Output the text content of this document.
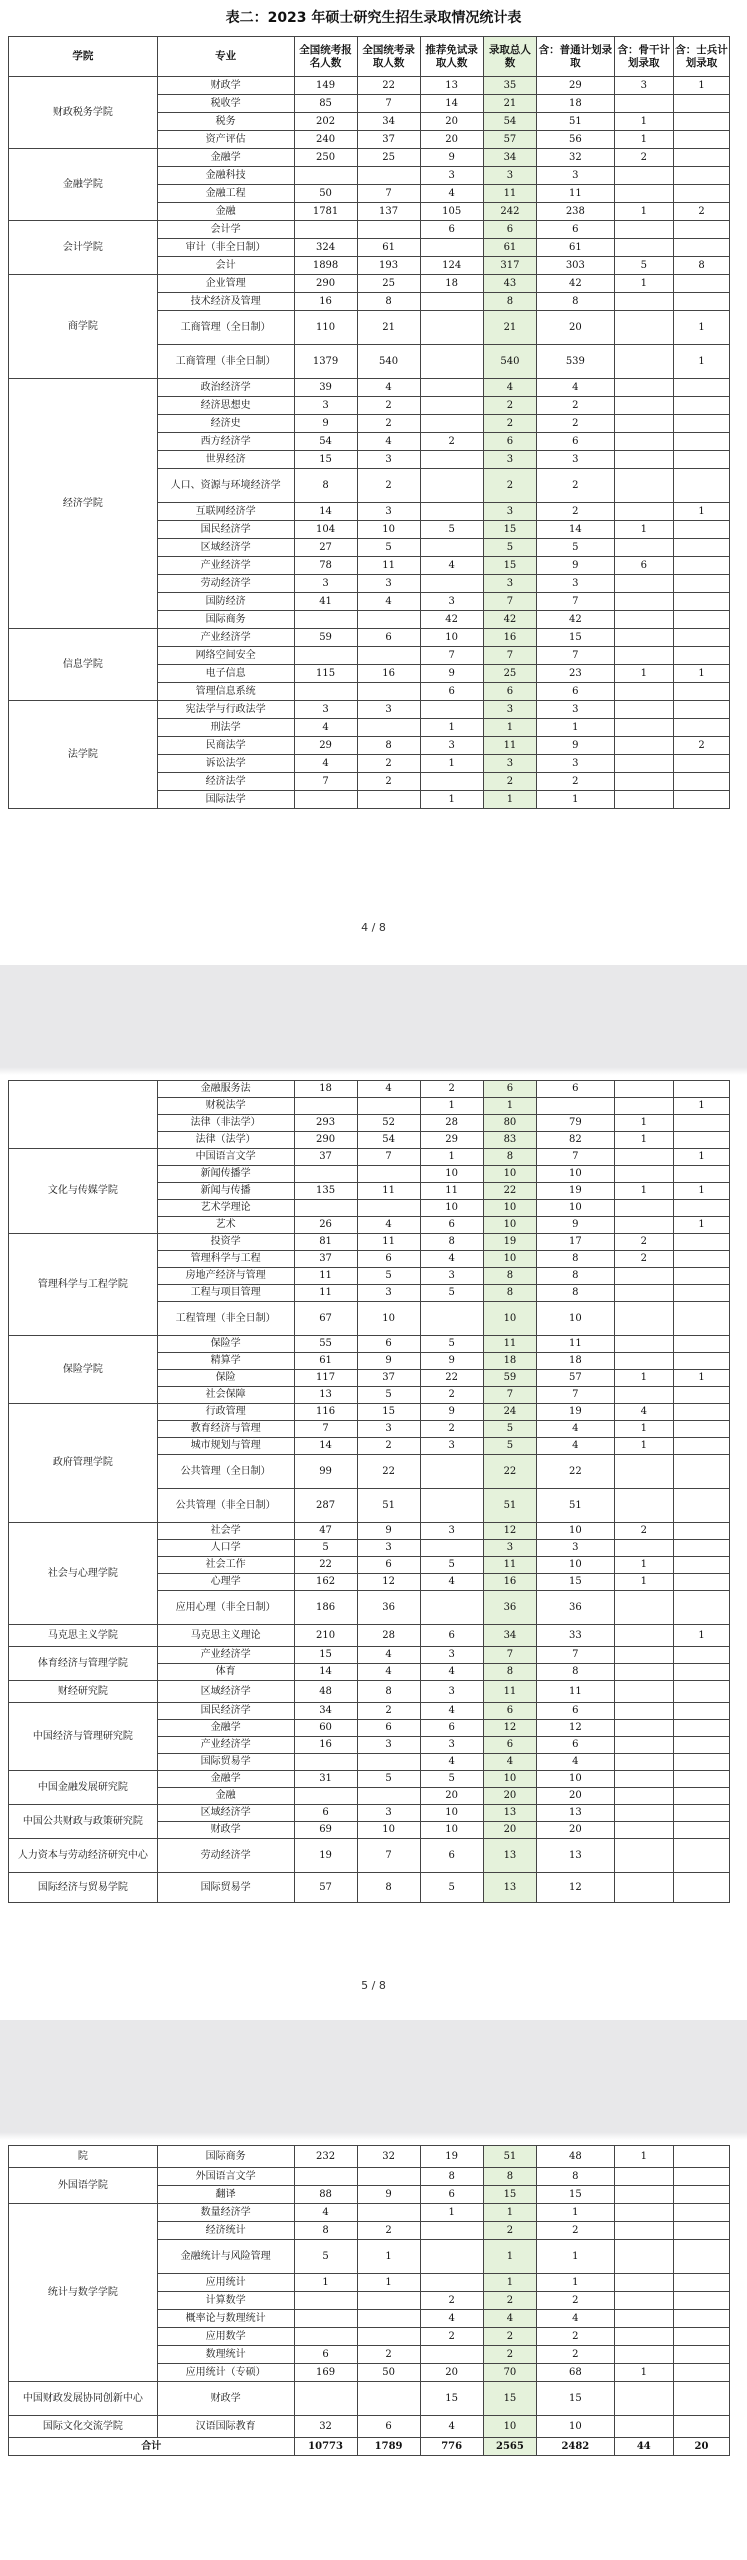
表二：2023 年硕士研究生招生录取情况统计表
学院	专业	全国统考报名人数	全国统考录取人数	推荐免试录取人数	录取总人数	含：普通计划录取	含：骨干计划录取	含：士兵计划录取
财政税务学院	财政学	149	22	13	35	29	3	1
	税收学	85	7	14	21	18		
	税务	202	34	20	54	51	1	
	资产评估	240	37	20	57	56	1	
金融学院	金融学	250	25	9	34	32	2	
	金融科技			3	3	3		
	金融工程	50	7	4	11	11		
	金融	1781	137	105	242	238	1	2
会计学院	会计学			6	6	6		
	审计（非全日制）	324	61		61	61		
	会计	1898	193	124	317	303	5	8
商学院	企业管理	290	25	18	43	42	1	
	技术经济及管理	16	8		8	8		
	工商管理（全日制）	110	21		21	20		1
	工商管理（非全日制）	1379	540		540	539		1
经济学院	政治经济学	39	4		4	4		
	经济思想史	3	2		2	2		
	经济史	9	2		2	2		
	西方经济学	54	4	2	6	6		
	世界经济	15	3		3	3		
	人口、资源与环境经济学	8	2		2	2		
	互联网经济学	14	3		3	2		1
	国民经济学	104	10	5	15	14	1	
	区域经济学	27	5		5	5		
	产业经济学	78	11	4	15	9	6	
	劳动经济学	3	3		3	3		
	国防经济	41	4	3	7	7		
	国际商务			42	42	42		
信息学院	产业经济学	59	6	10	16	15		
	网络空间安全			7	7	7		
	电子信息	115	16	9	25	23	1	1
	管理信息系统			6	6	6		
法学院	宪法学与行政法学	3	3		3	3		
	刑法学	4		1	1	1		
	民商法学	29	8	3	11	9		2
	诉讼法学	4	2	1	3	3		
	经济法学	7	2		2	2		
	国际法学			1	1	1		
4 / 8
	金融服务法	18	4	2	6	6		
	财税法学			1	1			1
	法律（非法学）	293	52	28	80	79	1	
	法律（法学）	290	54	29	83	82	1	
文化与传媒学院	中国语言文学	37	7	1	8	7		1
	新闻传播学			10	10	10		
	新闻与传播	135	11	11	22	19	1	1
	艺术学理论			10	10	10		
	艺术	26	4	6	10	9		1
管理科学与工程学院	投资学	81	11	8	19	17	2	
	管理科学与工程	37	6	4	10	8	2	
	房地产经济与管理	11	5	3	8	8		
	工程与项目管理	11	3	5	8	8		
	工程管理（非全日制）	67	10		10	10		
保险学院	保险学	55	6	5	11	11		
	精算学	61	9	9	18	18		
	保险	117	37	22	59	57	1	1
	社会保障	13	5	2	7	7		
政府管理学院	行政管理	116	15	9	24	19	4	
	教育经济与管理	7	3	2	5	4	1	
	城市规划与管理	14	2	3	5	4	1	
	公共管理（全日制）	99	22		22	22		
	公共管理（非全日制）	287	51		51	51		
社会与心理学院	社会学	47	9	3	12	10	2	
	人口学	5	3		3	3		
	社会工作	22	6	5	11	10	1	
	心理学	162	12	4	16	15	1	
	应用心理（非全日制）	186	36		36	36		
马克思主义学院	马克思主义理论	210	28	6	34	33		1
体育经济与管理学院	产业经济学	15	4	3	7	7		
	体育	14	4	4	8	8		
财经研究院	区域经济学	48	8	3	11	11		
中国经济与管理研究院	国民经济学	34	2	4	6	6		
	金融学	60	6	6	12	12		
	产业经济学	16	3	3	6	6		
	国际贸易学			4	4	4		
中国金融发展研究院	金融学	31	5	5	10	10		
	金融			20	20	20		
中国公共财政与政策研究院	区域经济学	6	3	10	13	13		
	财政学	69	10	10	20	20		
人力资本与劳动经济研究中心	劳动经济学	19	7	6	13	13		
国际经济与贸易学院	国际贸易学	57	8	5	13	12		
5 / 8
院	国际商务	232	32	19	51	48	1	
外国语学院	外国语言文学			8	8	8		
	翻译	88	9	6	15	15		
统计与数学学院	数量经济学	4		1	1	1		
	经济统计	8	2		2	2		
	金融统计与风险管理	5	1		1	1		
	应用统计	1	1		1	1		
	计算数学			2	2	2		
	概率论与数理统计			4	4	4		
	应用数学			2	2	2		
	数理统计	6	2		2	2		
	应用统计（专硕）	169	50	20	70	68	1	
中国财政发展协同创新中心	财政学			15	15	15		
国际文化交流学院	汉语国际教育	32	6	4	10	10		
合计		10773	1789	776	2565	2482	44	20
